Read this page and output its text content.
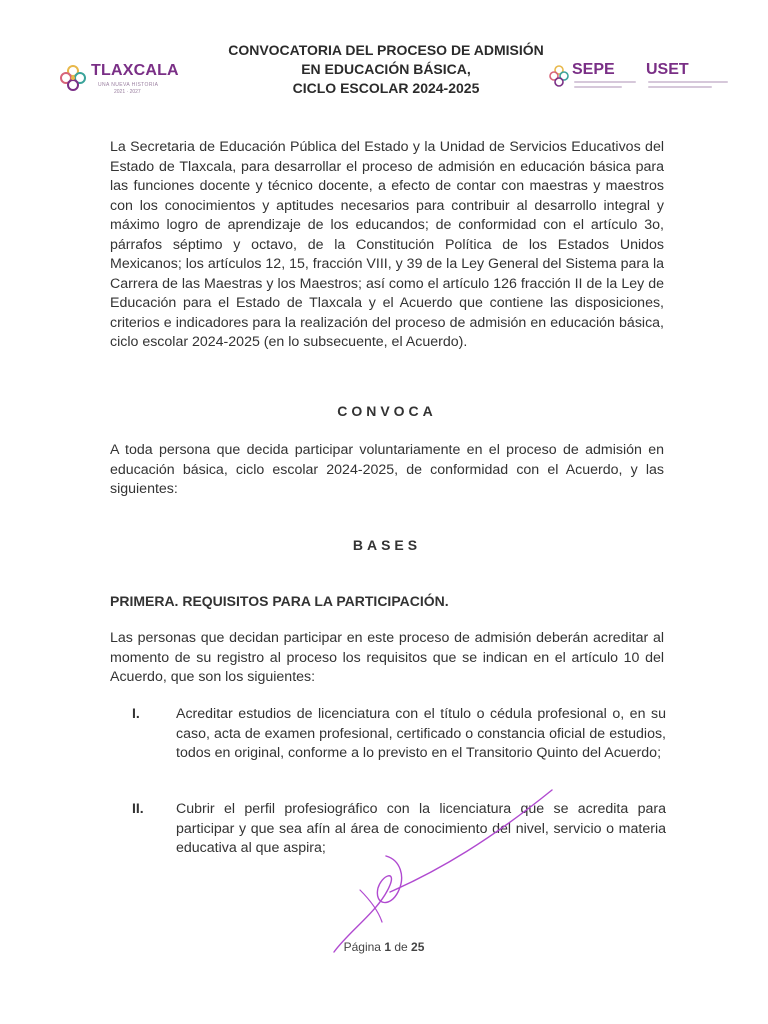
TLAXCALA
UNA NUEVA HISTORIA
2021 · 2027
CONVOCATORIA DEL PROCESO DE ADMISIÓN
EN EDUCACIÓN BÁSICA,
CICLO ESCOLAR 2024-2025
SEPE USET
La Secretaria de Educación Pública del Estado y la Unidad de Servicios Educativos del Estado de Tlaxcala, para desarrollar el proceso de admisión en educación básica para las funciones docente y técnico docente, a efecto de contar con maestras y maestros con los conocimientos y aptitudes necesarios para contribuir al desarrollo integral y máximo logro de aprendizaje de los educandos; de conformidad con el artículo 3o, párrafos séptimo y octavo, de la Constitución Política de los Estados Unidos Mexicanos; los artículos 12, 15, fracción VIII, y 39 de la Ley General del Sistema para la Carrera de las Maestras y los Maestros; así como el artículo 126 fracción II de la Ley de Educación para el Estado de Tlaxcala y el Acuerdo que contiene las disposiciones, criterios e indicadores para la realización del proceso de admisión en educación básica, ciclo escolar 2024-2025 (en lo subsecuente, el Acuerdo).
CONVOCA
A toda persona que decida participar voluntariamente en el proceso de admisión en educación básica, ciclo escolar 2024-2025, de conformidad con el Acuerdo, y las siguientes:
BASES
PRIMERA. REQUISITOS PARA LA PARTICIPACIÓN.
Las personas que decidan participar en este proceso de admisión deberán acreditar al momento de su registro al proceso los requisitos que se indican en el artículo 10 del Acuerdo, que son los siguientes:
I.	Acreditar estudios de licenciatura con el título o cédula profesional o, en su caso, acta de examen profesional, certificado o constancia oficial de estudios, todos en original, conforme a lo previsto en el Transitorio Quinto del Acuerdo;
II. Cubrir el perfil profesiográfico con la licenciatura que se acredita para participar y que sea afín al área de conocimiento del nivel, servicio o materia educativa al que aspira;
Página 1 de 25
